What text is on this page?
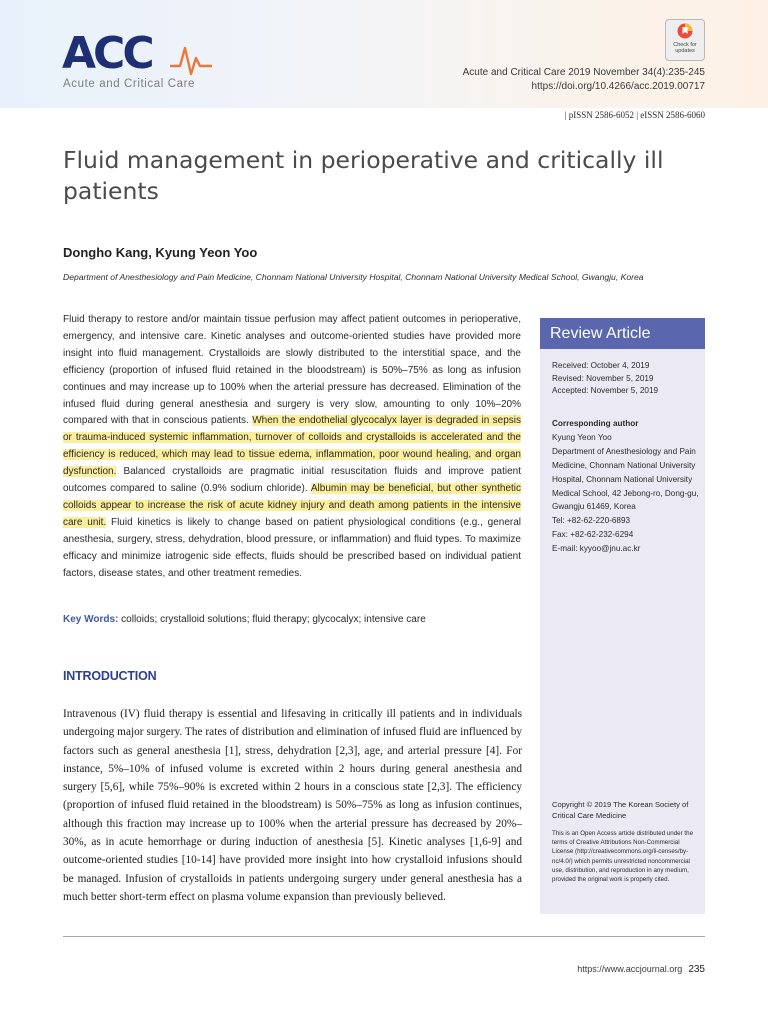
ACC
Acute and Critical Care
Check for updates
Acute and Critical Care 2019 November 34(4):235-245
https://doi.org/10.4266/acc.2019.00717
| pISSN 2586-6052 | eISSN 2586-6060
Fluid management in perioperative and critically ill patients
Dongho Kang, Kyung Yeon Yoo
Department of Anesthesiology and Pain Medicine, Chonnam National University Hospital, Chonnam National University Medical School, Gwangju, Korea
Fluid therapy to restore and/or maintain tissue perfusion may affect patient outcomes in perioperative, emergency, and intensive care. Kinetic analyses and outcome-oriented studies have provided more insight into fluid management. Crystalloids are slowly distributed to the interstitial space, and the efficiency (proportion of infused fluid retained in the bloodstream) is 50%–75% as long as infusion continues and may increase up to 100% when the arterial pressure has decreased. Elimination of the infused fluid during general anesthesia and surgery is very slow, amounting to only 10%–20% compared with that in conscious patients. When the endothelial glycocalyx layer is degraded in sepsis or trauma-induced systemic inflammation, turnover of colloids and crystalloids is accelerated and the efficiency is reduced, which may lead to tissue edema, inflammation, poor wound healing, and organ dysfunction. Balanced crystalloids are pragmatic initial resuscitation fluids and improve patient outcomes compared to saline (0.9% sodium chloride). Albumin may be beneficial, but other synthetic colloids appear to increase the risk of acute kidney injury and death among patients in the intensive care unit. Fluid kinetics is likely to change based on patient physiological conditions (e.g., general anesthesia, surgery, stress, dehydration, blood pressure, or inflammation) and fluid types. To maximize efficacy and minimize iatrogenic side effects, fluids should be prescribed based on individual patient factors, disease states, and other treatment remedies.
Key Words: colloids; crystalloid solutions; fluid therapy; glycocalyx; intensive care
INTRODUCTION
Intravenous (IV) fluid therapy is essential and lifesaving in critically ill patients and in individuals undergoing major surgery. The rates of distribution and elimination of infused fluid are influenced by factors such as general anesthesia [1], stress, dehydration [2,3], age, and arterial pressure [4]. For instance, 5%–10% of infused volume is excreted within 2 hours during general anesthesia and surgery [5,6], while 75%–90% is excreted within 2 hours in a conscious state [2,3]. The efficiency (proportion of infused fluid retained in the bloodstream) is 50%–75% as long as infusion continues, although this fraction may increase up to 100% when the arterial pressure has decreased by 20%–30%, as in acute hemorrhage or during induction of anesthesia [5]. Kinetic analyses [1,6-9] and outcome-oriented studies [10-14] have provided more insight into how crystalloid infusions should be managed. Infusion of crystalloids in patients undergoing surgery under general anesthesia has a much better short-term effect on plasma volume expansion than previously believed.
Review Article
Received: October 4, 2019
Revised: November 5, 2019
Accepted: November 5, 2019
Corresponding author
Kyung Yeon Yoo
Department of Anesthesiology and Pain Medicine, Chonnam National University Hospital, Chonnam National University Medical School, 42 Jebong-ro, Dong-gu, Gwangju 61469, Korea
Tel: +82-62-220-6893
Fax: +82-62-232-6294
E-mail: kyyoo@jnu.ac.kr
Copyright © 2019 The Korean Society of Critical Care Medicine
This is an Open Access article distributed under the terms of Creative Attributions Non-Commercial License (http://creativecommons.org/li-censes/by-nc/4.0/) which permits unrestricted noncommercial use, distribution, and reproduction in any medium, provided the original work is properly cited.
https://www.accjournal.org 235
